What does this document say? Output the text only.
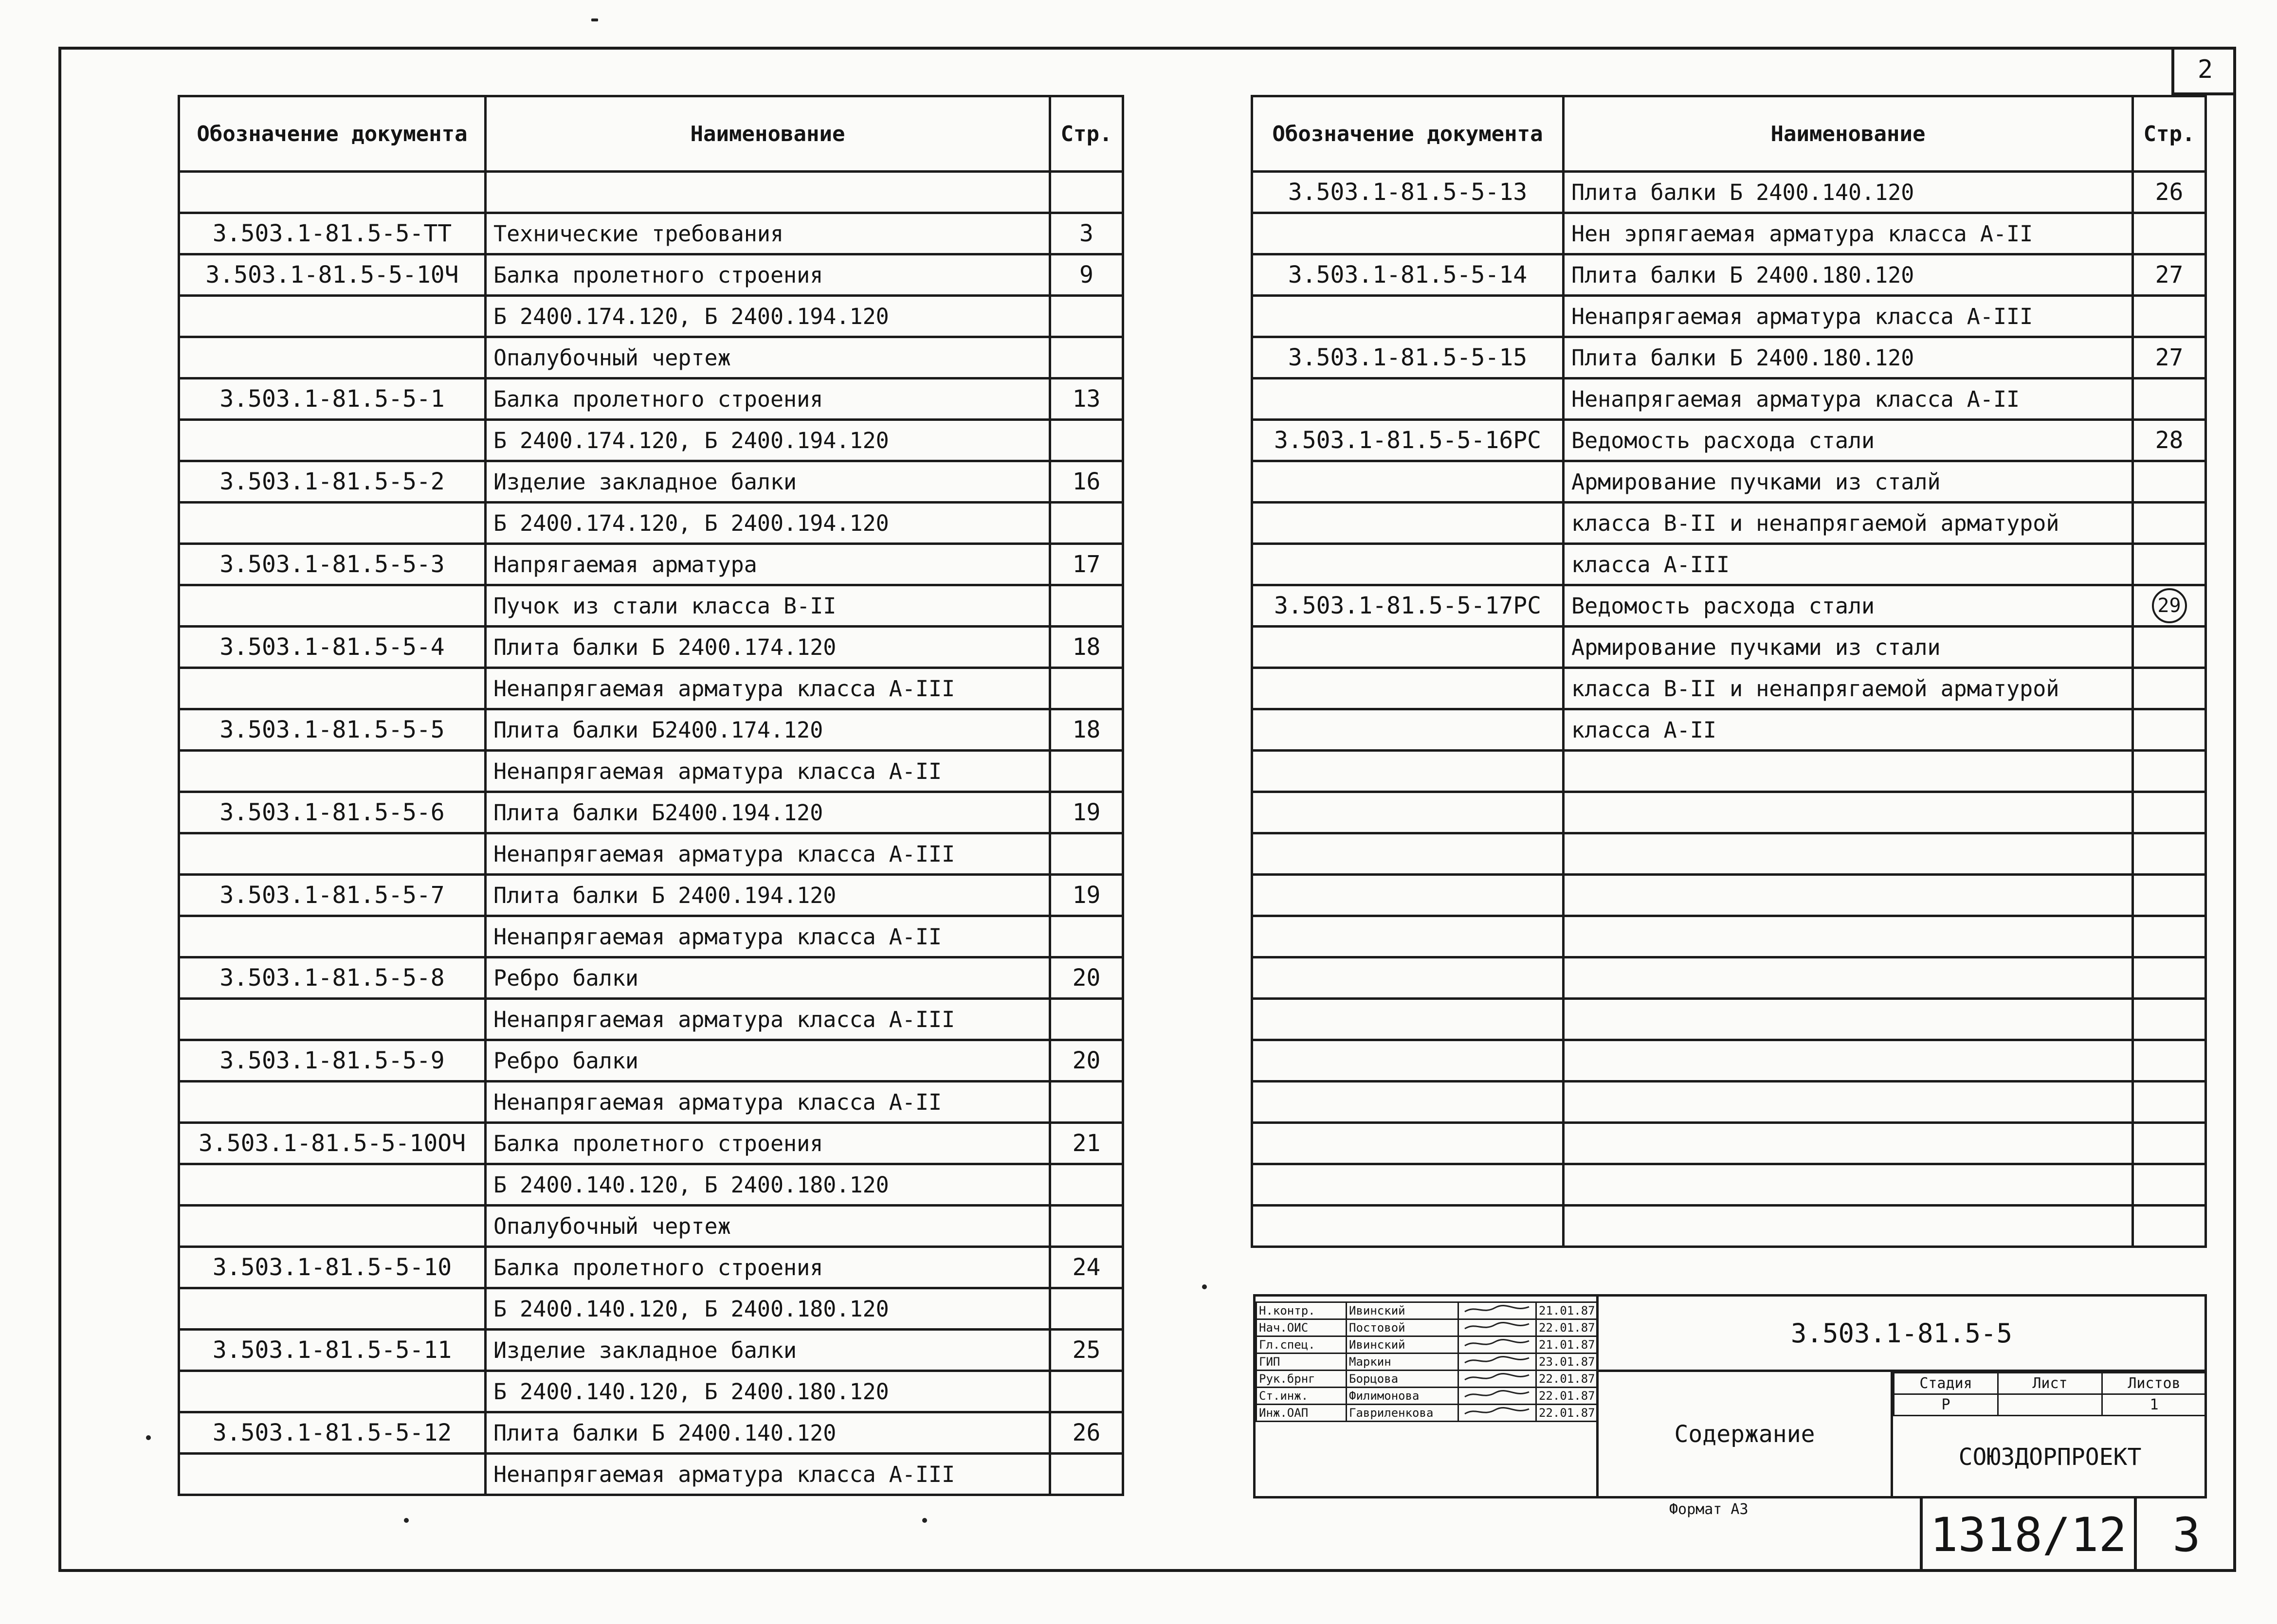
2
Обозначение документа	Наименование	Стр.

3.503.1-81.5-5-ТТ	Технические требования	3
3.503.1-81.5-5-10Ч	Балка пролетного строения	9
	Б 2400.174.120, Б 2400.194.120	
	Опалубочный чертеж	
3.503.1-81.5-5-1	Балка пролетного строения	13
	Б 2400.174.120, Б 2400.194.120	
3.503.1-81.5-5-2	Изделие закладное балки	16
	Б 2400.174.120, Б 2400.194.120	
3.503.1-81.5-5-3	Напрягаемая арматура	17
	Пучок из стали класса В-II	
3.503.1-81.5-5-4	Плита балки Б 2400.174.120	18
	Ненапрягаемая арматура класса А-III	
3.503.1-81.5-5-5	Плита балки Б2400.174.120	18
	Ненапрягаемая арматура класса А-II	
3.503.1-81.5-5-6	Плита балки Б2400.194.120	19
	Ненапрягаемая арматура класса А-III	
3.503.1-81.5-5-7	Плита балки Б 2400.194.120	19
	Ненапрягаемая арматура класса А-II	
3.503.1-81.5-5-8	Ребро балки	20
	Ненапрягаемая арматура класса А-III	
3.503.1-81.5-5-9	Ребро балки	20
	Ненапрягаемая арматура класса А-II	
3.503.1-81.5-5-10ОЧ	Балка пролетного строения	21
	Б 2400.140.120, Б 2400.180.120	
	Опалубочный чертеж	
3.503.1-81.5-5-10	Балка пролетного строения	24
	Б 2400.140.120, Б 2400.180.120	
3.503.1-81.5-5-11	Изделие закладное балки	25
	Б 2400.140.120, Б 2400.180.120	
3.503.1-81.5-5-12	Плита балки Б 2400.140.120	26
	Ненапрягаемая арматура класса А-III	
Обозначение документа	Наименование	Стр.
3.503.1-81.5-5-13	Плита балки Б 2400.140.120	26
	Нен эрпягаемая арматура класса А-II	
3.503.1-81.5-5-14	Плита балки Б 2400.180.120	27
	Ненапрягаемая арматура класса А-III	
3.503.1-81.5-5-15	Плита балки Б 2400.180.120	27
	Ненапрягаемая арматура класса А-II	
3.503.1-81.5-5-16РС	Ведомость расхода стали	28
	Армирование пучками из сталй	
	класса В-II и ненапрягаемой арматурой	
	класса А-III	
3.503.1-81.5-5-17РС	Ведомость расхода стали	29
	Армирование пучками из стали	
	класса В-II и ненапрягаемой арматурой	
	класса А-II	

Н.контр.	Ивинский		21.01.87
Нач.ОИС	Постовой		22.01.87
Гл.спец.	Ивинский		21.01.87
ГИП	Маркин		23.01.87
Рук.брнг	Борцова		22.01.87
Ст.инж.	Филимонова		22.01.87
Инж.ОАП	Гавриленкова		22.01.87
3.503.1-81.5-5
Содержание
Стадия	Лист	Листов
Р		1
СОЮЗДОРПРОЕКТ
Формат А3	1318/12 3
